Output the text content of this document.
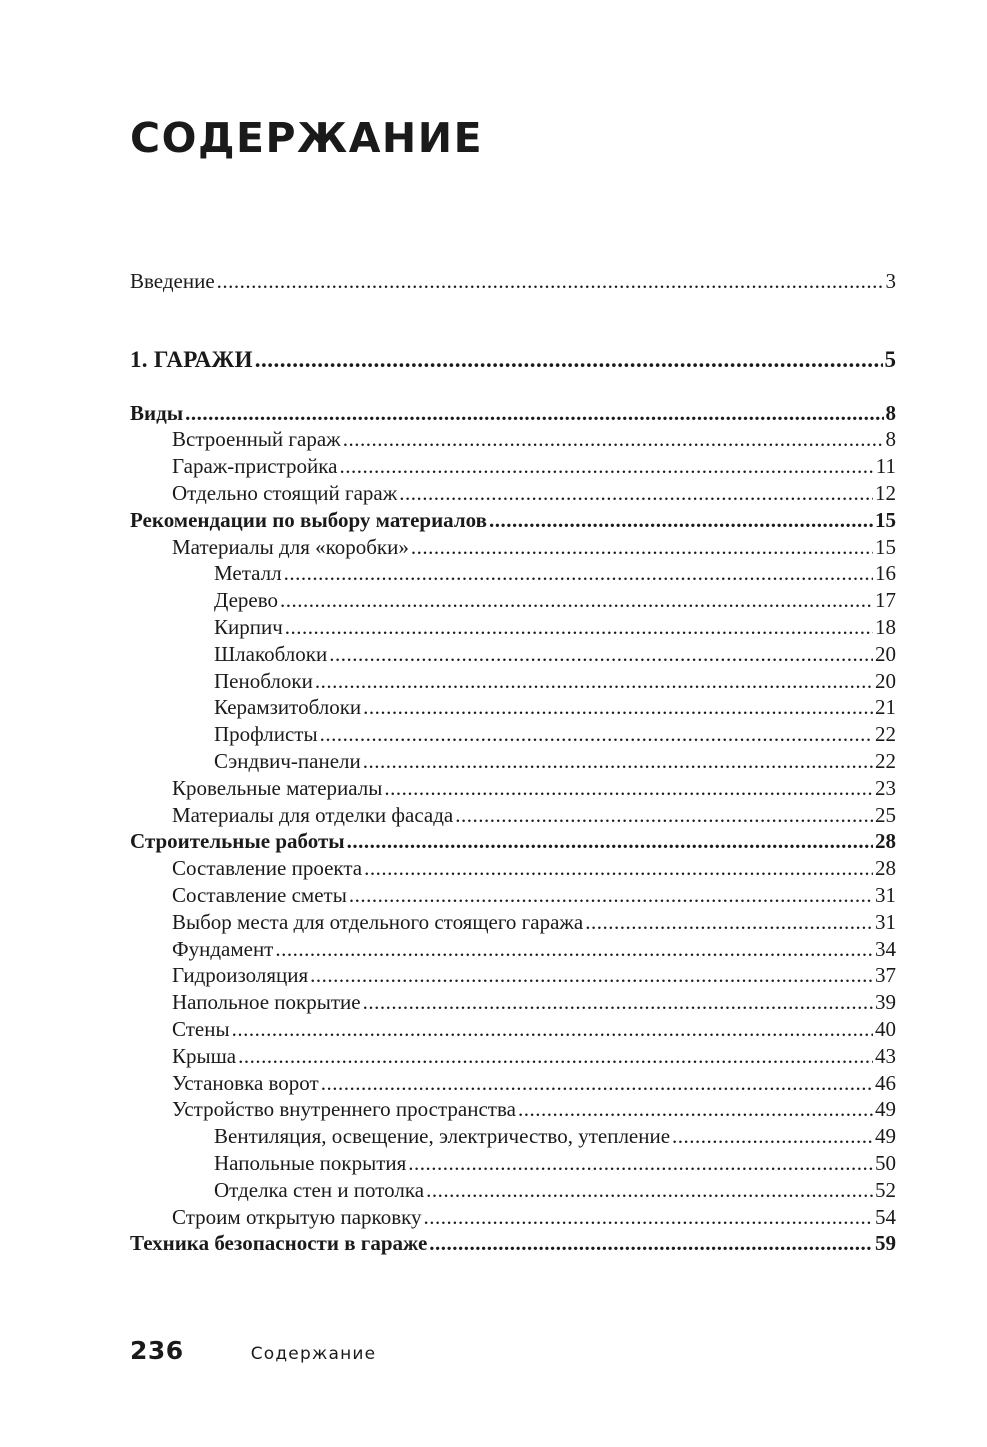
СОДЕРЖАНИЕ
Введение .....	3
1. ГАРАЖИ .....	5
Виды .....	8
Встроенный гараж .....	8
Гараж-пристройка .....	11
Отдельно стоящий гараж .....	12
Рекомендации по выбору материалов .....	15
Материалы для «коробки» .....	15
Металл .....	16
Дерево .....	17
Кирпич .....	18
Шлакоблоки .....	20
Пеноблоки .....	20
Керамзитоблоки .....	21
Профлисты .....	22
Сэндвич-панели .....	22
Кровельные материалы .....	23
Материалы для отделки фасада .....	25
Строительные работы .....	28
Составление проекта .....	28
Составление сметы .....	31
Выбор места для отдельного стоящего гаража .....	31
Фундамент .....	34
Гидроизоляция .....	37
Напольное покрытие .....	39
Стены .....	40
Крыша .....	43
Установка ворот .....	46
Устройство внутреннего пространства .....	49
Вентиляция, освещение, электричество, утепление .....	49
Напольные покрытия .....	50
Отделка стен и потолка .....	52
Строим открытую парковку .....	54
Техника безопасности в гараже .....	59
236	Содержание
